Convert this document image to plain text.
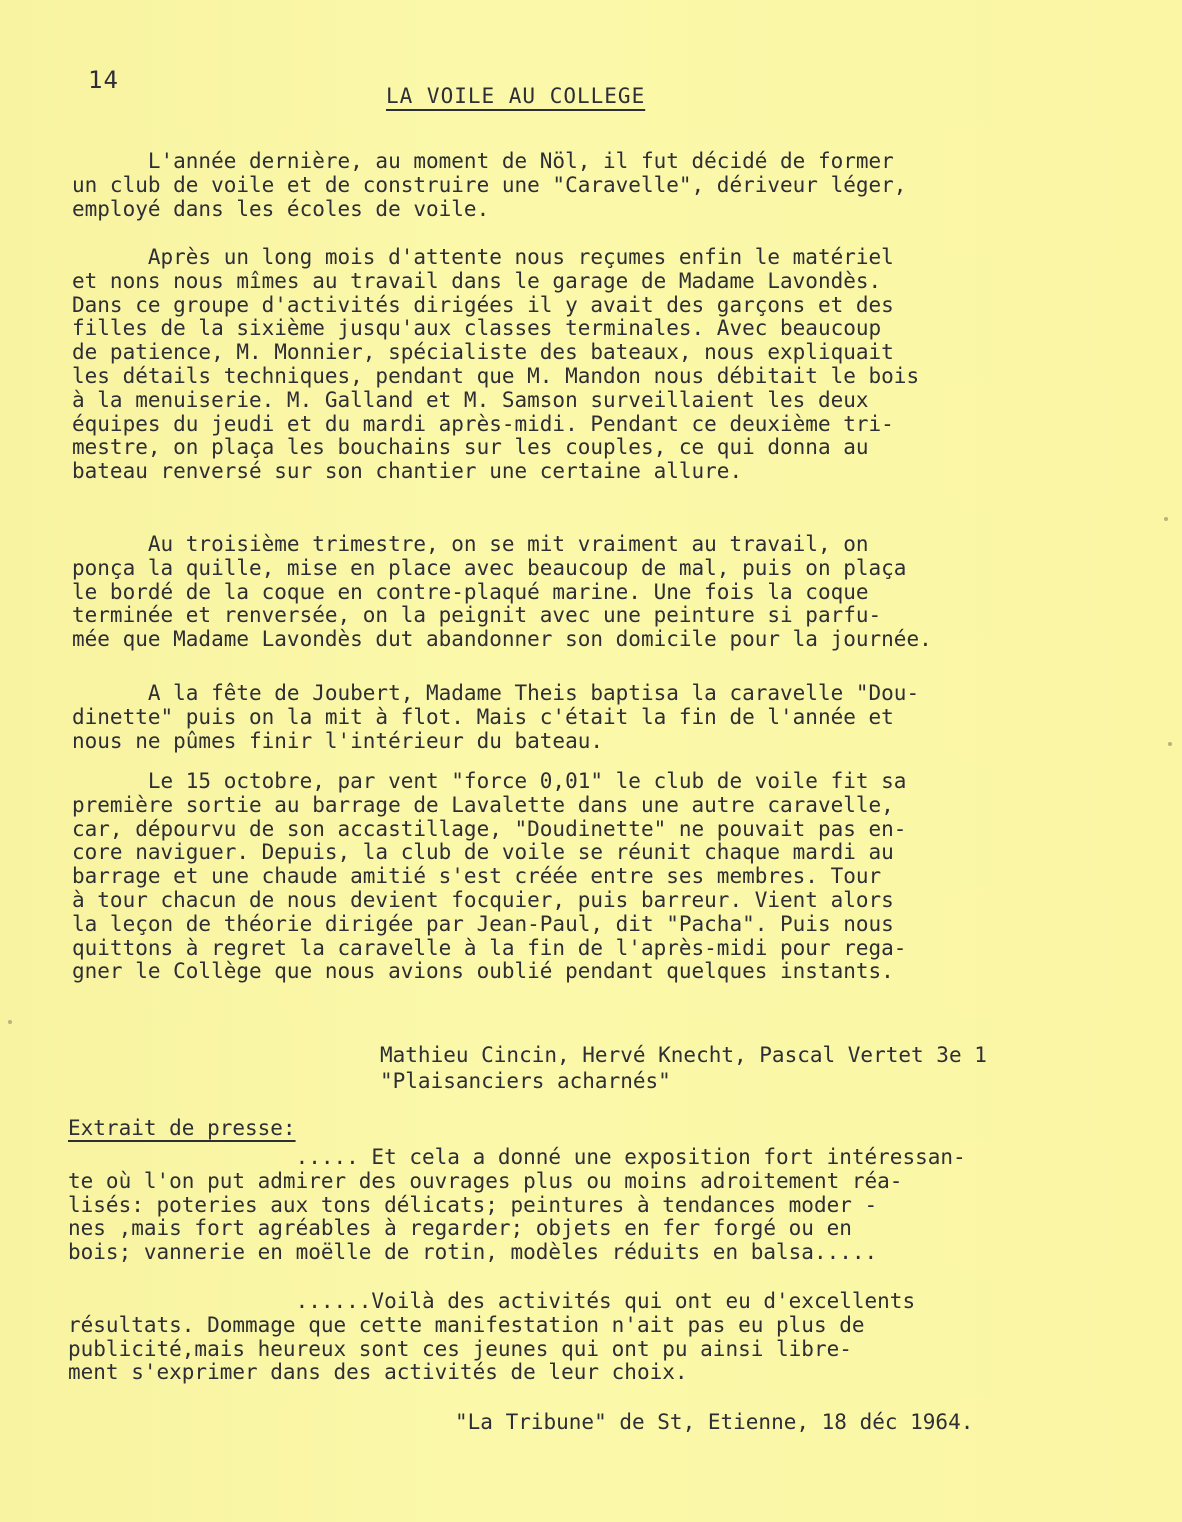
14
LA VOILE AU COLLEGE
L'année dernière, au moment de Nöl, il fut décidé de former
un club de voile et de construire une "Caravelle", dériveur léger,
employé dans les écoles de voile.
Après un long mois d'attente nous reçumes enfin le matériel
et nons nous mîmes au travail dans le garage de Madame Lavondès.
Dans ce groupe d'activités dirigées il y avait des garçons et des
filles de la sixième jusqu'aux classes terminales. Avec beaucoup
de patience, M. Monnier, spécialiste des bateaux, nous expliquait
les détails techniques, pendant que M. Mandon nous débitait le bois
à la menuiserie. M. Galland et M. Samson surveillaient les deux
équipes du jeudi et du mardi après-midi. Pendant ce deuxième tri-
mestre, on plaça les bouchains sur les couples, ce qui donna au
bateau renversé sur son chantier une certaine allure.
Au troisième trimestre, on se mit vraiment au travail, on
ponça la quille, mise en place avec beaucoup de mal, puis on plaça
le bordé de la coque en contre-plaqué marine. Une fois la coque
terminée et renversée, on la peignit avec une peinture si parfu-
mée que Madame Lavondès dut abandonner son domicile pour la journée.
A la fête de Joubert, Madame Theis baptisa la caravelle "Dou-
dinette" puis on la mit à flot. Mais c'était la fin de l'année et
nous ne pûmes finir l'intérieur du bateau.
Le 15 octobre, par vent "force 0,01" le club de voile fit sa
première sortie au barrage de Lavalette dans une autre caravelle,
car, dépourvu de son accastillage, "Doudinette" ne pouvait pas en-
core naviguer. Depuis, la club de voile se réunit chaque mardi au
barrage et une chaude amitié s'est créée entre ses membres. Tour
à tour chacun de nous devient focquier, puis barreur. Vient alors
la leçon de théorie dirigée par Jean-Paul, dit "Pacha". Puis nous
quittons à regret la caravelle à la fin de l'après-midi pour rega-
gner le Collège que nous avions oublié pendant quelques instants.
Mathieu Cincin, Hervé Knecht, Pascal Vertet 3e 1
"Plaisanciers acharnés"
Extrait de presse:
..... Et cela a donné une exposition fort intéressan-
te où l'on put admirer des ouvrages plus ou moins adroitement réa-
lisés: poteries aux tons délicats; peintures à tendances moder -
nes ,mais fort agréables à regarder; objets en fer forgé ou en
bois; vannerie en moëlle de rotin, modèles réduits en balsa.....
......Voilà des activités qui ont eu d'excellents
résultats. Dommage que cette manifestation n'ait pas eu plus de
publicité,mais heureux sont ces jeunes qui ont pu ainsi libre-
ment s'exprimer dans des activités de leur choix.
"La Tribune" de St, Etienne, 18 déc 1964.
